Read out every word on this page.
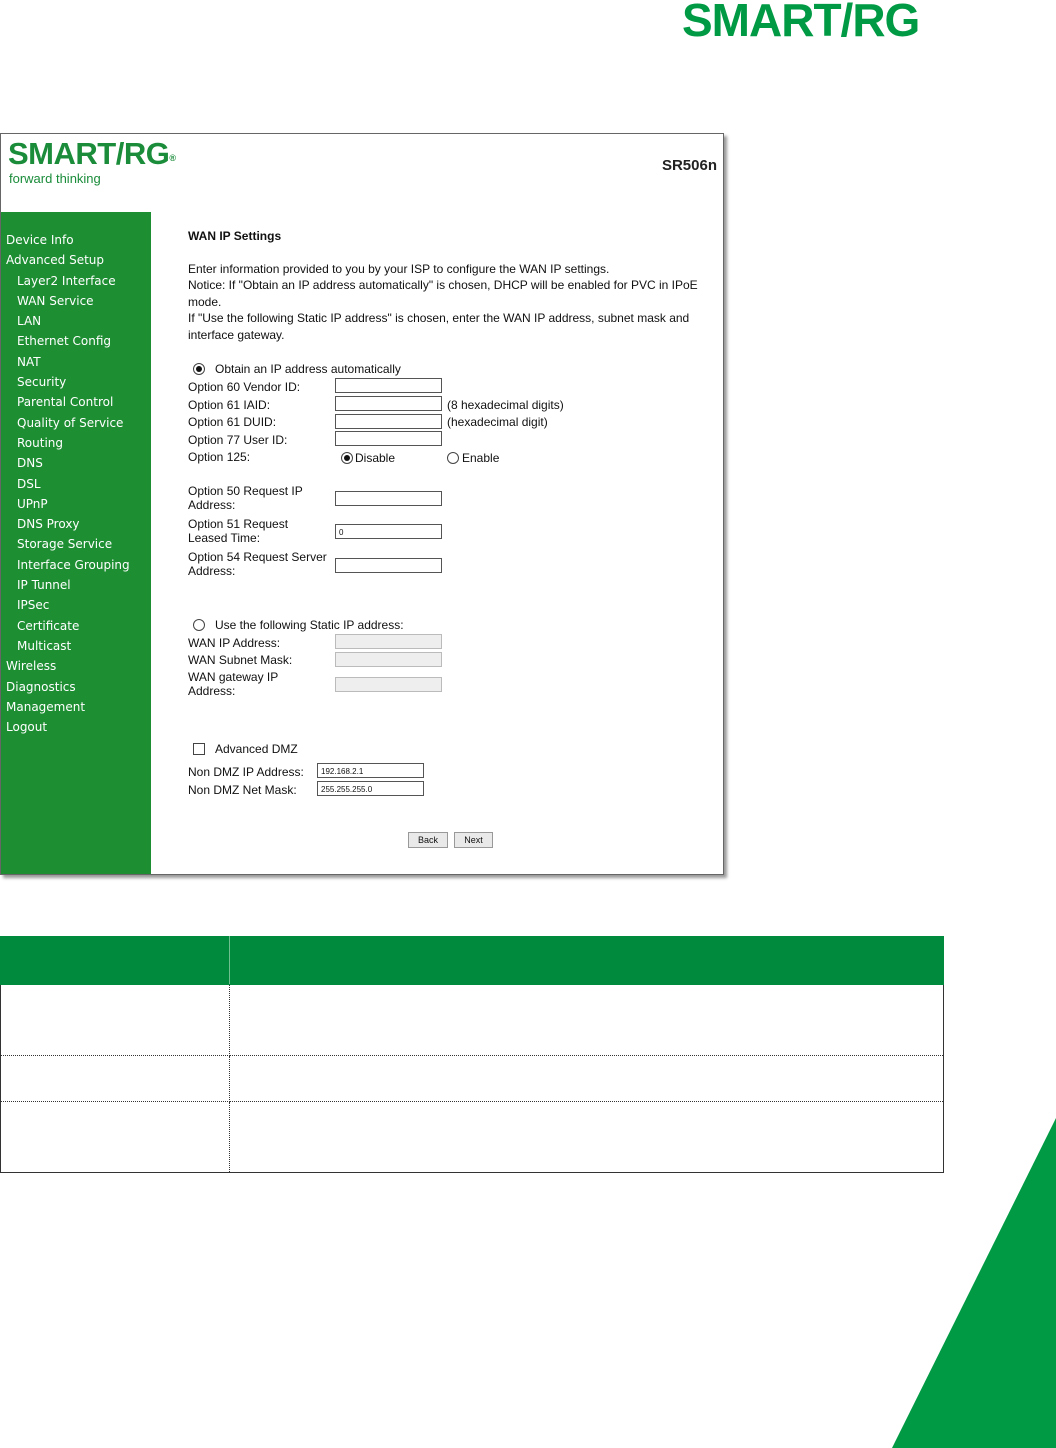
SMART/RG
SMART/RG®
forward thinking
SR506n
Device Info
Advanced Setup
Layer2 Interface
WAN Service
LAN
Ethernet Config
NAT
Security
Parental Control
Quality of Service
Routing
DNS
DSL
UPnP
DNS Proxy
Storage Service
Interface Grouping
IP Tunnel
IPSec
Certificate
Multicast
Wireless
Diagnostics
Management
Logout
WAN IP Settings
Enter information provided to you by your ISP to configure the WAN IP settings.
Notice: If "Obtain an IP address automatically" is chosen, DHCP will be enabled for PVC in IPoE mode.
If "Use the following Static IP address" is chosen, enter the WAN IP address, subnet mask and interface gateway.
Obtain an IP address automatically
Option 60 Vendor ID:
Option 61 IAID:	(8 hexadecimal digits)
Option 61 DUID:	(hexadecimal digit)
Option 77 User ID:
Option 125:	Disable	Enable
Option 50 Request IP
Address:
Option 51 Request
Leased Time:	0
Option 54 Request Server
Address:
Use the following Static IP address:
WAN IP Address:
WAN Subnet Mask:
WAN gateway IP
Address:
Advanced DMZ
Non DMZ IP Address:	192.168.2.1
Non DMZ Net Mask:	255.255.255.0
Back	Next
